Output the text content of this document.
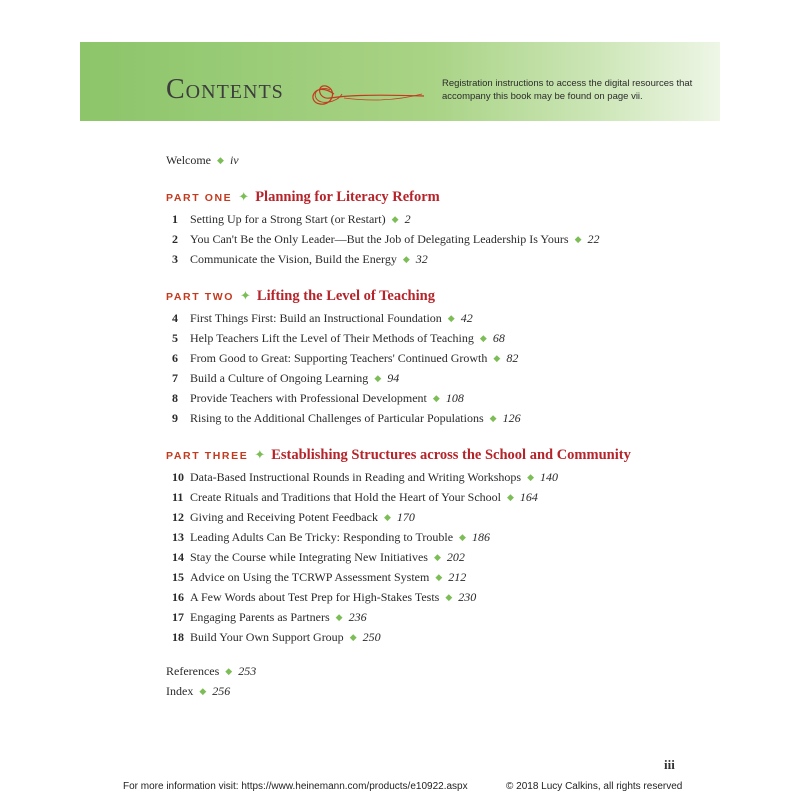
Contents	Registration instructions to access the digital resources that accompany this book may be found on page vii.
Welcome ◆ iv
PART ONE ✦ Planning for Literacy Reform
1 Setting Up for a Strong Start (or Restart) ◆ 2
2 You Can't Be the Only Leader—But the Job of Delegating Leadership Is Yours ◆ 22
3 Communicate the Vision, Build the Energy ◆ 32
PART TWO ✦ Lifting the Level of Teaching
4 First Things First: Build an Instructional Foundation ◆ 42
5 Help Teachers Lift the Level of Their Methods of Teaching ◆ 68
6 From Good to Great: Supporting Teachers' Continued Growth ◆ 82
7 Build a Culture of Ongoing Learning ◆ 94
8 Provide Teachers with Professional Development ◆ 108
9 Rising to the Additional Challenges of Particular Populations ◆ 126
PART THREE ✦ Establishing Structures across the School and Community
10 Data-Based Instructional Rounds in Reading and Writing Workshops ◆ 140
11 Create Rituals and Traditions that Hold the Heart of Your School ◆ 164
12 Giving and Receiving Potent Feedback ◆ 170
13 Leading Adults Can Be Tricky: Responding to Trouble ◆ 186
14 Stay the Course while Integrating New Initiatives ◆ 202
15 Advice on Using the TCRWP Assessment System ◆ 212
16 A Few Words about Test Prep for High-Stakes Tests ◆ 230
17 Engaging Parents as Partners ◆ 236
18 Build Your Own Support Group ◆ 250
References ◆ 253
Index ◆ 256
iii
For more information visit: https://www.heinemann.com/products/e10922.aspx	© 2018 Lucy Calkins, all rights reserved
